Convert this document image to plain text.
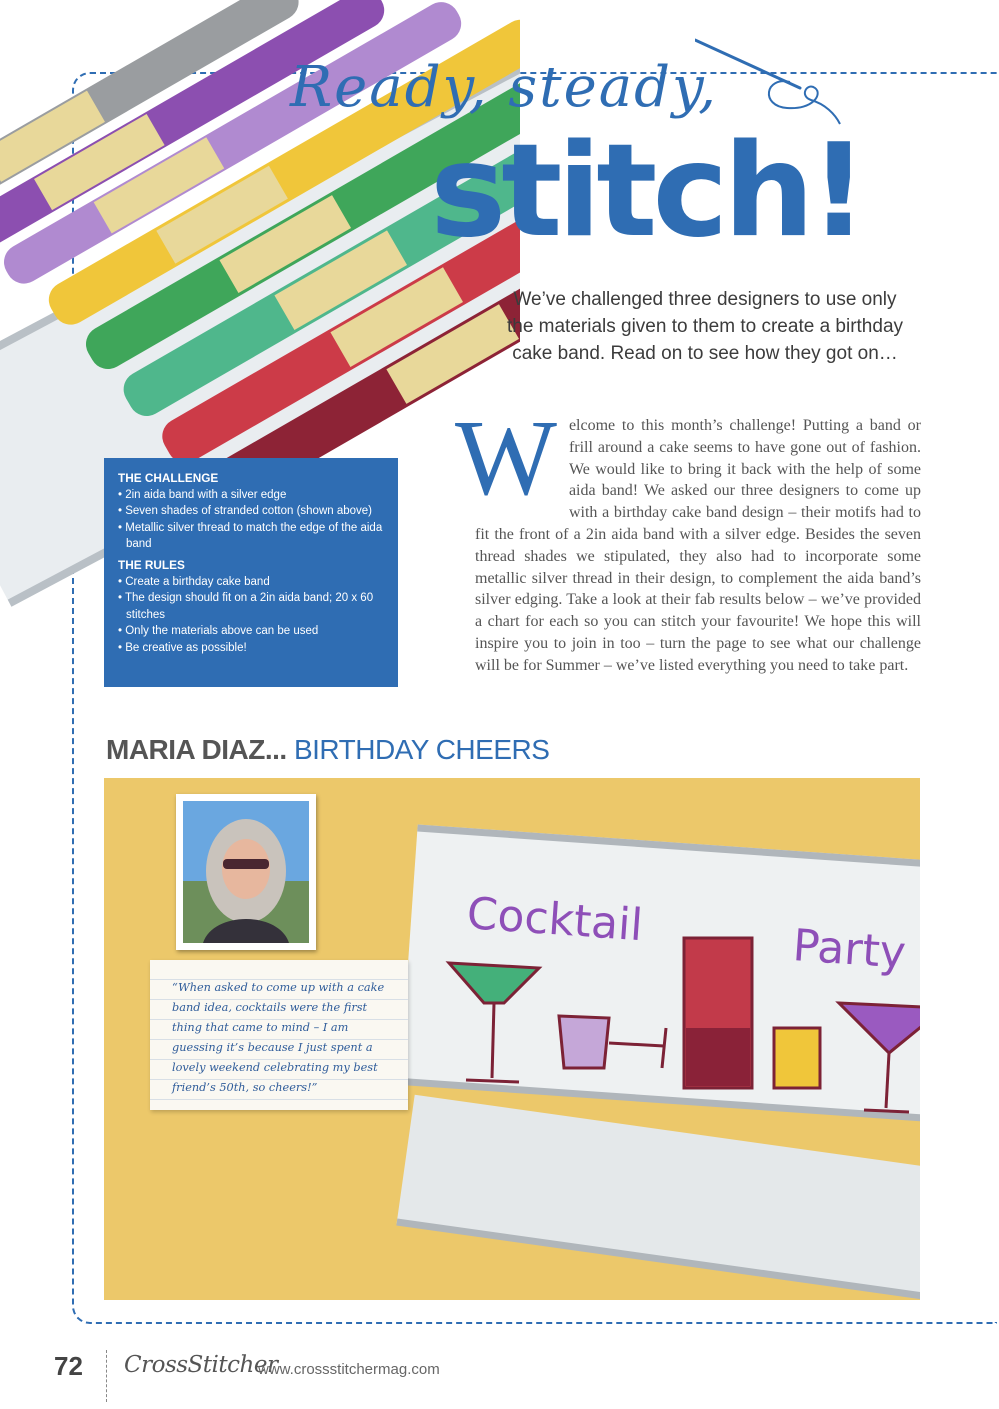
Ready, steady,
stitch!
We’ve challenged three designers to use only the materials given to them to create a birthday cake band. Read on to see how they got on…
W elcome to this month’s challenge! Putting a band or frill around a cake seems to have gone out of fashion. We would like to bring it back with the help of some aida band! We asked our three designers to come up with a birthday cake band design – their motifs had to fit the front of a 2in aida band with a silver edge. Besides the seven thread shades we stipulated, they also had to incorporate some metallic silver thread in their design, to complement the aida band’s silver edging. Take a look at their fab results below – we’ve provided a chart for each so you can stitch your favourite! We hope this will inspire you to join in too – turn the page to see what our challenge will be for Summer – we’ve listed everything you need to take part.
THE CHALLENGE
• 2in aida band with a silver edge
• Seven shades of stranded cotton (shown above)
• Metallic silver thread to match the edge of the aida band
THE RULES
• Create a birthday cake band
• The design should fit on a 2in aida band; 20 x 60 stitches
• Only the materials above can be used
• Be creative as possible!
MARIA DIAZ... BIRTHDAY CHEERS
Cocktail	Party
“When asked to come up with a cake band idea, cocktails were the first thing that came to mind – I am guessing it’s because I just spent a lovely weekend celebrating my best friend’s 50th, so cheers!”
72 CrossStitcher
www.crossstitchermag.com
